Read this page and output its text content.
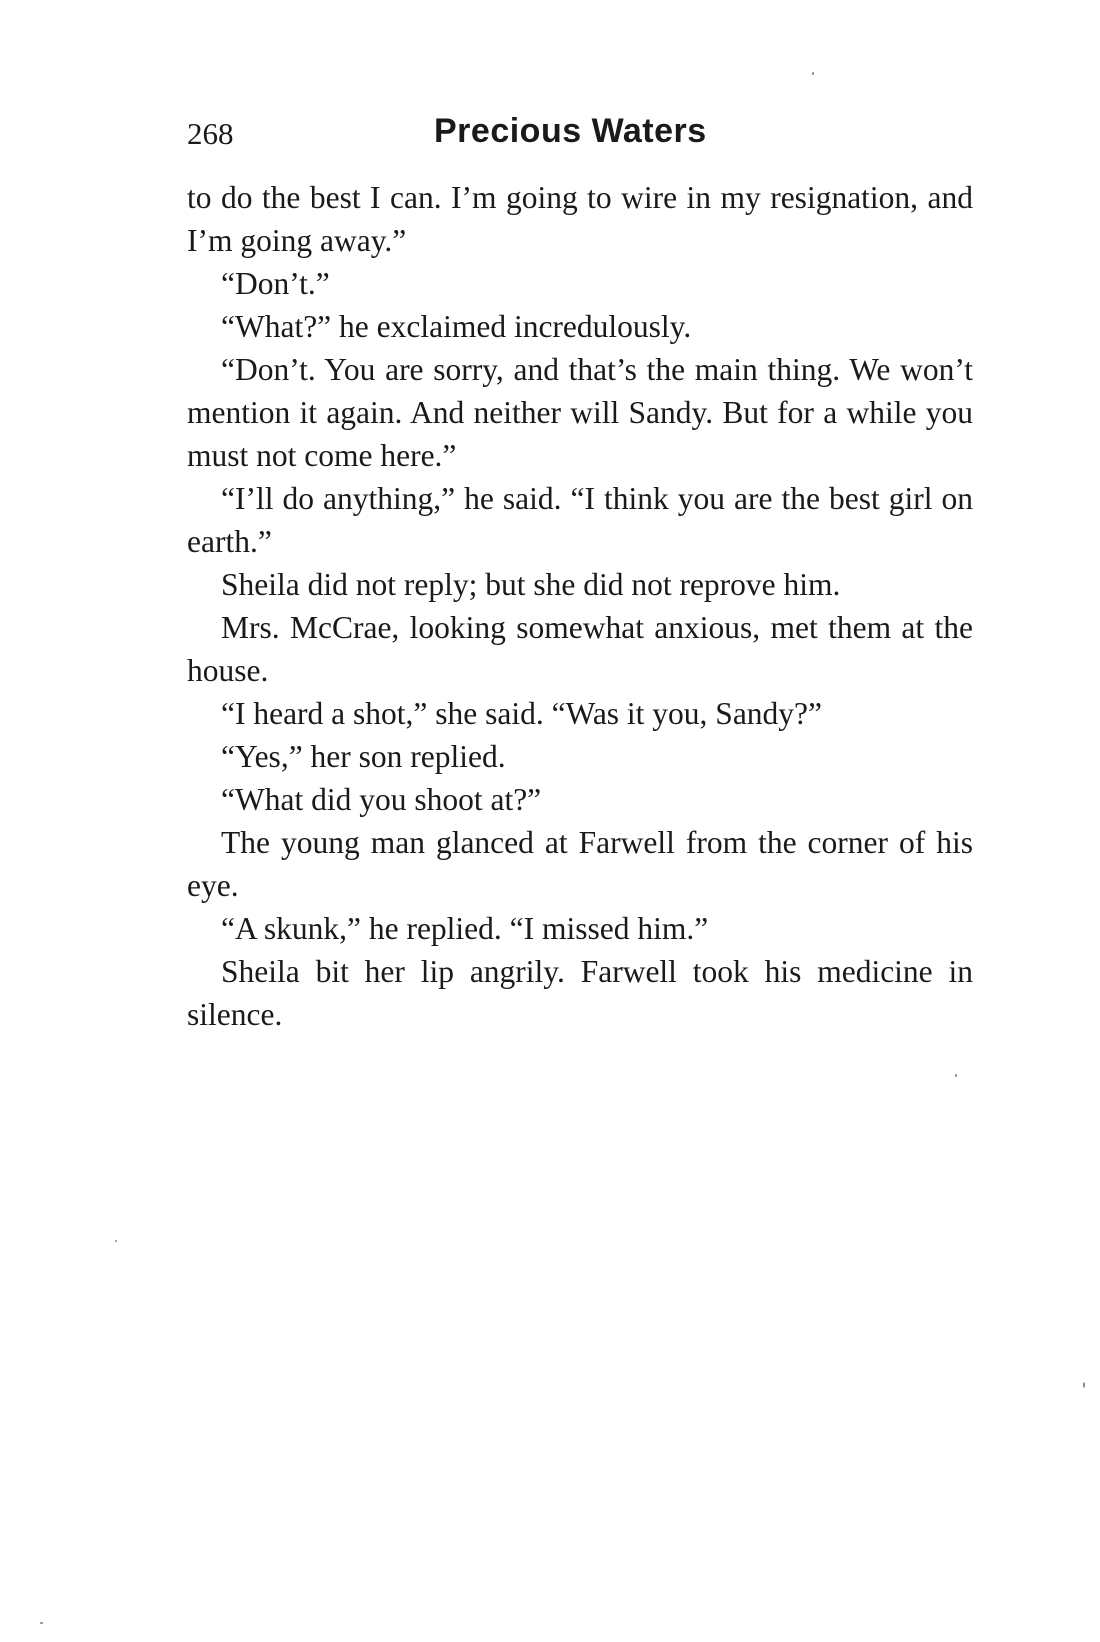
268	Precious Waters

to do the best I can. I’m going to wire in my resignation, and I’m going away.”

“Don’t.”

“What?” he exclaimed incredulously.

“Don’t. You are sorry, and that’s the main thing. We won’t mention it again. And neither will Sandy. But for a while you must not come here.”

“I’ll do anything,” he said. “I think you are the best girl on earth.”

Sheila did not reply; but she did not reprove him.

Mrs. McCrae, looking somewhat anxious, met them at the house.

“I heard a shot,” she said. “Was it you, Sandy?”

“Yes,” her son replied.

“What did you shoot at?”

The young man glanced at Farwell from the corner of his eye.

“A skunk,” he replied. “I missed him.”

Sheila bit her lip angrily. Farwell took his medicine in silence.
